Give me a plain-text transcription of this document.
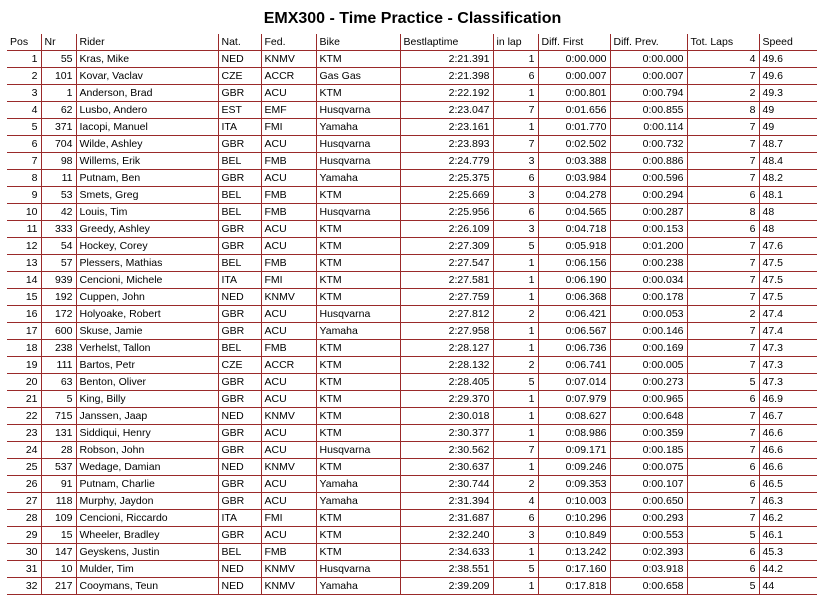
EMX300 - Time Practice - Classification
Pos	Nr	Rider	Nat.	Fed.	Bike	Bestlaptime	in lap	Diff. First	Diff. Prev.	Tot. Laps	Speed
1	55	Kras, Mike	NED	KNMV	KTM	2:21.391	1	0:00.000	0:00.000	4	49.6
2	101	Kovar, Vaclav	CZE	ACCR	Gas Gas	2:21.398	6	0:00.007	0:00.007	7	49.6
3	1	Anderson, Brad	GBR	ACU	KTM	2:22.192	1	0:00.801	0:00.794	2	49.3
4	62	Lusbo, Andero	EST	EMF	Husqvarna	2:23.047	7	0:01.656	0:00.855	8	49
5	371	Iacopi, Manuel	ITA	FMI	Yamaha	2:23.161	1	0:01.770	0:00.114	7	49
6	704	Wilde, Ashley	GBR	ACU	Husqvarna	2:23.893	7	0:02.502	0:00.732	7	48.7
7	98	Willems, Erik	BEL	FMB	Husqvarna	2:24.779	3	0:03.388	0:00.886	7	48.4
8	11	Putnam, Ben	GBR	ACU	Yamaha	2:25.375	6	0:03.984	0:00.596	7	48.2
9	53	Smets, Greg	BEL	FMB	KTM	2:25.669	3	0:04.278	0:00.294	6	48.1
10	42	Louis, Tim	BEL	FMB	Husqvarna	2:25.956	6	0:04.565	0:00.287	8	48
11	333	Greedy, Ashley	GBR	ACU	KTM	2:26.109	3	0:04.718	0:00.153	6	48
12	54	Hockey, Corey	GBR	ACU	KTM	2:27.309	5	0:05.918	0:01.200	7	47.6
13	57	Plessers, Mathias	BEL	FMB	KTM	2:27.547	1	0:06.156	0:00.238	7	47.5
14	939	Cencioni, Michele	ITA	FMI	KTM	2:27.581	1	0:06.190	0:00.034	7	47.5
15	192	Cuppen, John	NED	KNMV	KTM	2:27.759	1	0:06.368	0:00.178	7	47.5
16	172	Holyoake, Robert	GBR	ACU	Husqvarna	2:27.812	2	0:06.421	0:00.053	2	47.4
17	600	Skuse, Jamie	GBR	ACU	Yamaha	2:27.958	1	0:06.567	0:00.146	7	47.4
18	238	Verhelst, Tallon	BEL	FMB	KTM	2:28.127	1	0:06.736	0:00.169	7	47.3
19	111	Bartos, Petr	CZE	ACCR	KTM	2:28.132	2	0:06.741	0:00.005	7	47.3
20	63	Benton, Oliver	GBR	ACU	KTM	2:28.405	5	0:07.014	0:00.273	5	47.3
21	5	King, Billy	GBR	ACU	KTM	2:29.370	1	0:07.979	0:00.965	6	46.9
22	715	Janssen, Jaap	NED	KNMV	KTM	2:30.018	1	0:08.627	0:00.648	7	46.7
23	131	Siddiqui, Henry	GBR	ACU	KTM	2:30.377	1	0:08.986	0:00.359	7	46.6
24	28	Robson, John	GBR	ACU	Husqvarna	2:30.562	7	0:09.171	0:00.185	7	46.6
25	537	Wedage, Damian	NED	KNMV	KTM	2:30.637	1	0:09.246	0:00.075	6	46.6
26	91	Putnam, Charlie	GBR	ACU	Yamaha	2:30.744	2	0:09.353	0:00.107	6	46.5
27	118	Murphy, Jaydon	GBR	ACU	Yamaha	2:31.394	4	0:10.003	0:00.650	7	46.3
28	109	Cencioni, Riccardo	ITA	FMI	KTM	2:31.687	6	0:10.296	0:00.293	7	46.2
29	15	Wheeler, Bradley	GBR	ACU	KTM	2:32.240	3	0:10.849	0:00.553	5	46.1
30	147	Geyskens, Justin	BEL	FMB	KTM	2:34.633	1	0:13.242	0:02.393	6	45.3
31	10	Mulder, Tim	NED	KNMV	Husqvarna	2:38.551	5	0:17.160	0:03.918	6	44.2
32	217	Cooymans, Teun	NED	KNMV	Yamaha	2:39.209	1	0:17.818	0:00.658	5	44
